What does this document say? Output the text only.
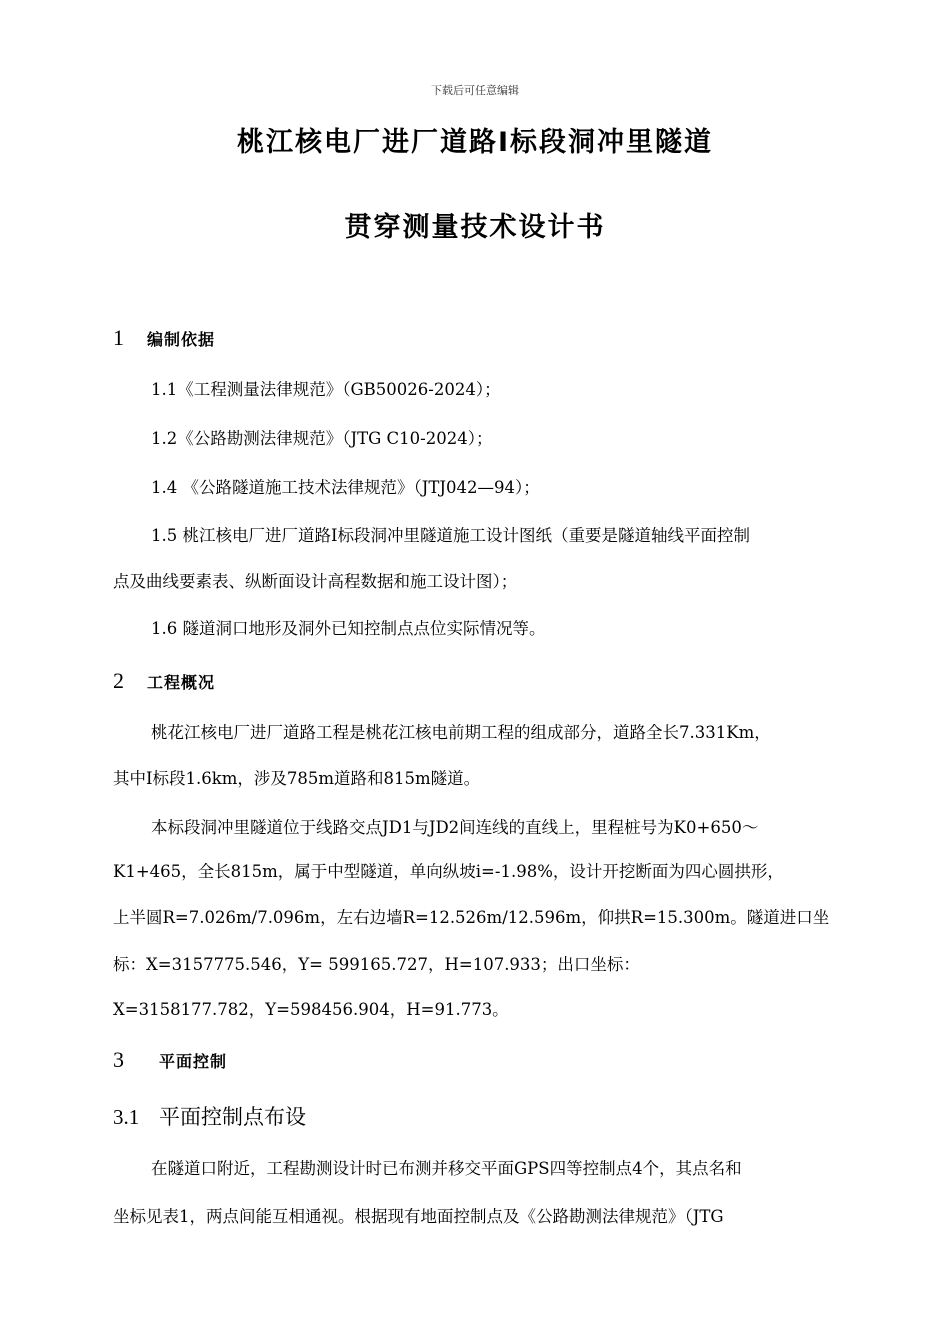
下载后可任意编辑
桃江核电厂进厂道路Ⅰ标段洞冲里隧道
贯穿测量技术设计书
1 编制依据
1.1《工程测量法律规范》（GB50026-2024）；
1.2《公路勘测法律规范》（JTG C10-2024）；
1.4 《公路隧道施工技术法律规范》（JTJ042—94）；
1.5 桃江核电厂进厂道路Ⅰ标段洞冲里隧道施工设计图纸（重要是隧道轴线平面控制
点及曲线要素表、纵断面设计高程数据和施工设计图）；
1.6 隧道洞口地形及洞外已知控制点点位实际情况等。
2 工程概况
桃花江核电厂进厂道路工程是桃花江核电前期工程的组成部分，道路全长7.331Km，
其中Ⅰ标段1.6km，涉及785m道路和815m隧道。
本标段洞冲里隧道位于线路交点JD1与JD2间连线的直线上，里程桩号为K0+650～
K1+465，全长815m，属于中型隧道，单向纵坡i=-1.98%，设计开挖断面为四心圆拱形，
上半圆R=7.026m/7.096m，左右边墙R=12.526m/12.596m，仰拱R=15.300m。隧道进口坐
标：X=3157775.546，Y= 599165.727，H=107.933；出口坐标：
X=3158177.782，Y=598456.904，H=91.773。
3 平面控制
3.1 平面控制点布设
在隧道口附近，工程勘测设计时已布测并移交平面GPS四等控制点4个，其点名和
坐标见表1，两点间能互相通视。根据现有地面控制点及《公路勘测法律规范》（JTG
